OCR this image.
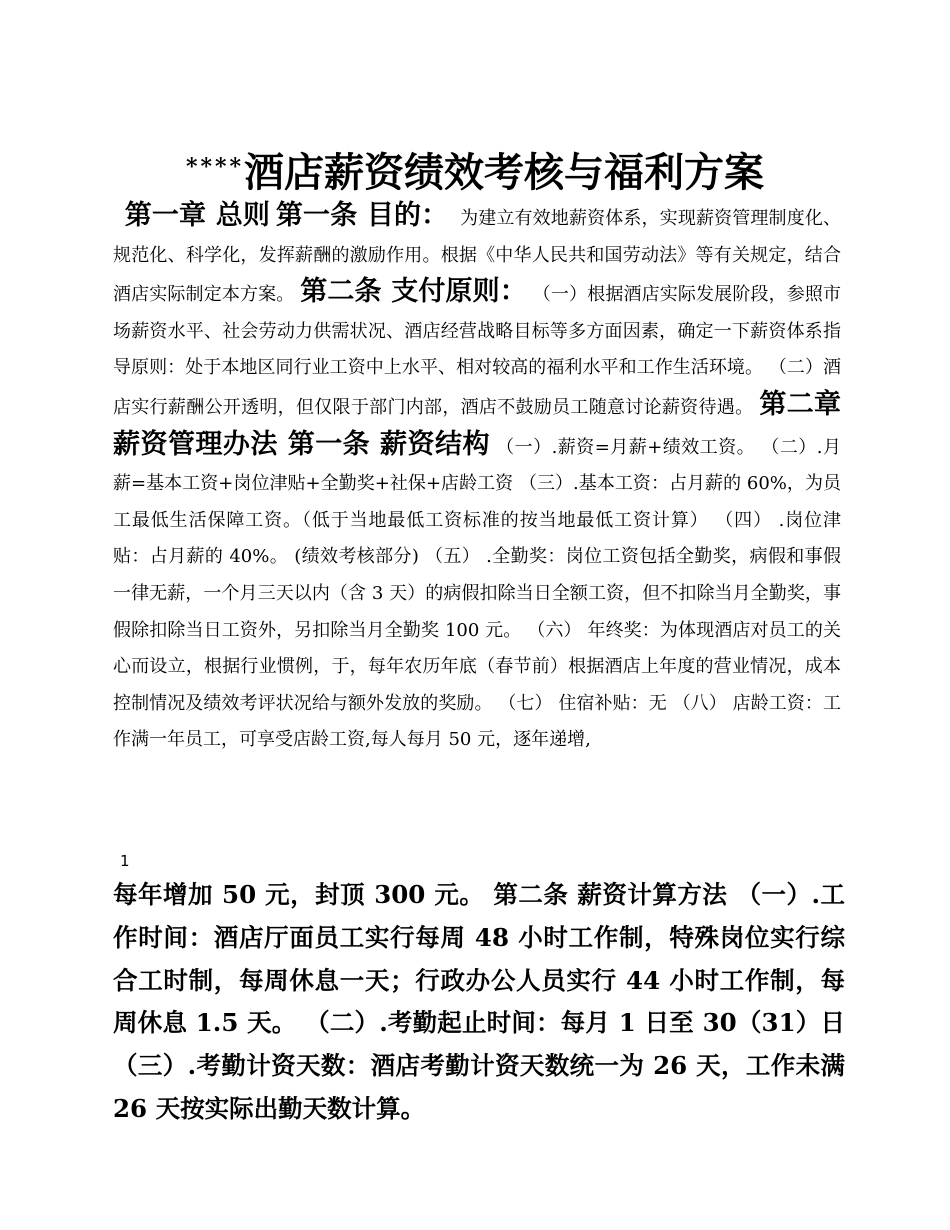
****酒店薪资绩效考核与福利方案
第一章 总则 第一条 目的： 为建立有效地薪资体系，实现薪资管理制度化、规范化、科学化，发挥薪酬的激励作用。根据《中华人民共和国劳动法》等有关规定，结合酒店实际制定本方案。 第二条 支付原则： （一）根据酒店实际发展阶段，参照市场薪资水平、社会劳动力供需状况、酒店经营战略目标等多方面因素，确定一下薪资体系指导原则：处于本地区同行业工资中上水平、相对较高的福利水平和工作生活环境。 （二）酒店实行薪酬公开透明，但仅限于部门内部，酒店不鼓励员工随意讨论薪资待遇。 第二章 薪资管理办法 第一条 薪资结构 （一）.薪资=月薪+绩效工资。 （二）.月薪=基本工资+岗位津贴+全勤奖+社保+店龄工资 （三）.基本工资：占月薪的 60%，为员工最低生活保障工资。（低于当地最低工资标准的按当地最低工资计算） （四） .岗位津贴：占月薪的 40%。 (绩效考核部分) （五） .全勤奖：岗位工资包括全勤奖，病假和事假一律无薪，一个月三天以内（含 3 天）的病假扣除当日全额工资，但不扣除当月全勤奖，事假除扣除当日工资外，另扣除当月全勤奖 100 元。 （六） 年终奖：为体现酒店对员工的关心而设立，根据行业惯例，于，每年农历年底（春节前）根据酒店上年度的营业情况，成本控制情况及绩效考评状况给与额外发放的奖励。 （七） 住宿补贴：无 （八） 店龄工资：工作满一年员工，可享受店龄工资,每人每月 50 元，逐年递增,
1
每年增加 50 元，封顶 300 元。 第二条 薪资计算方法 （一）.工作时间：酒店厅面员工实行每周 48 小时工作制，特殊岗位实行综合工时制，每周休息一天；行政办公人员实行 44 小时工作制，每周休息 1.5 天。 （二）.考勤起止时间：每月 1 日至 30（31）日 （三）.考勤计资天数：酒店考勤计资天数统一为 26 天，工作未满 26 天按实际出勤天数计算。
